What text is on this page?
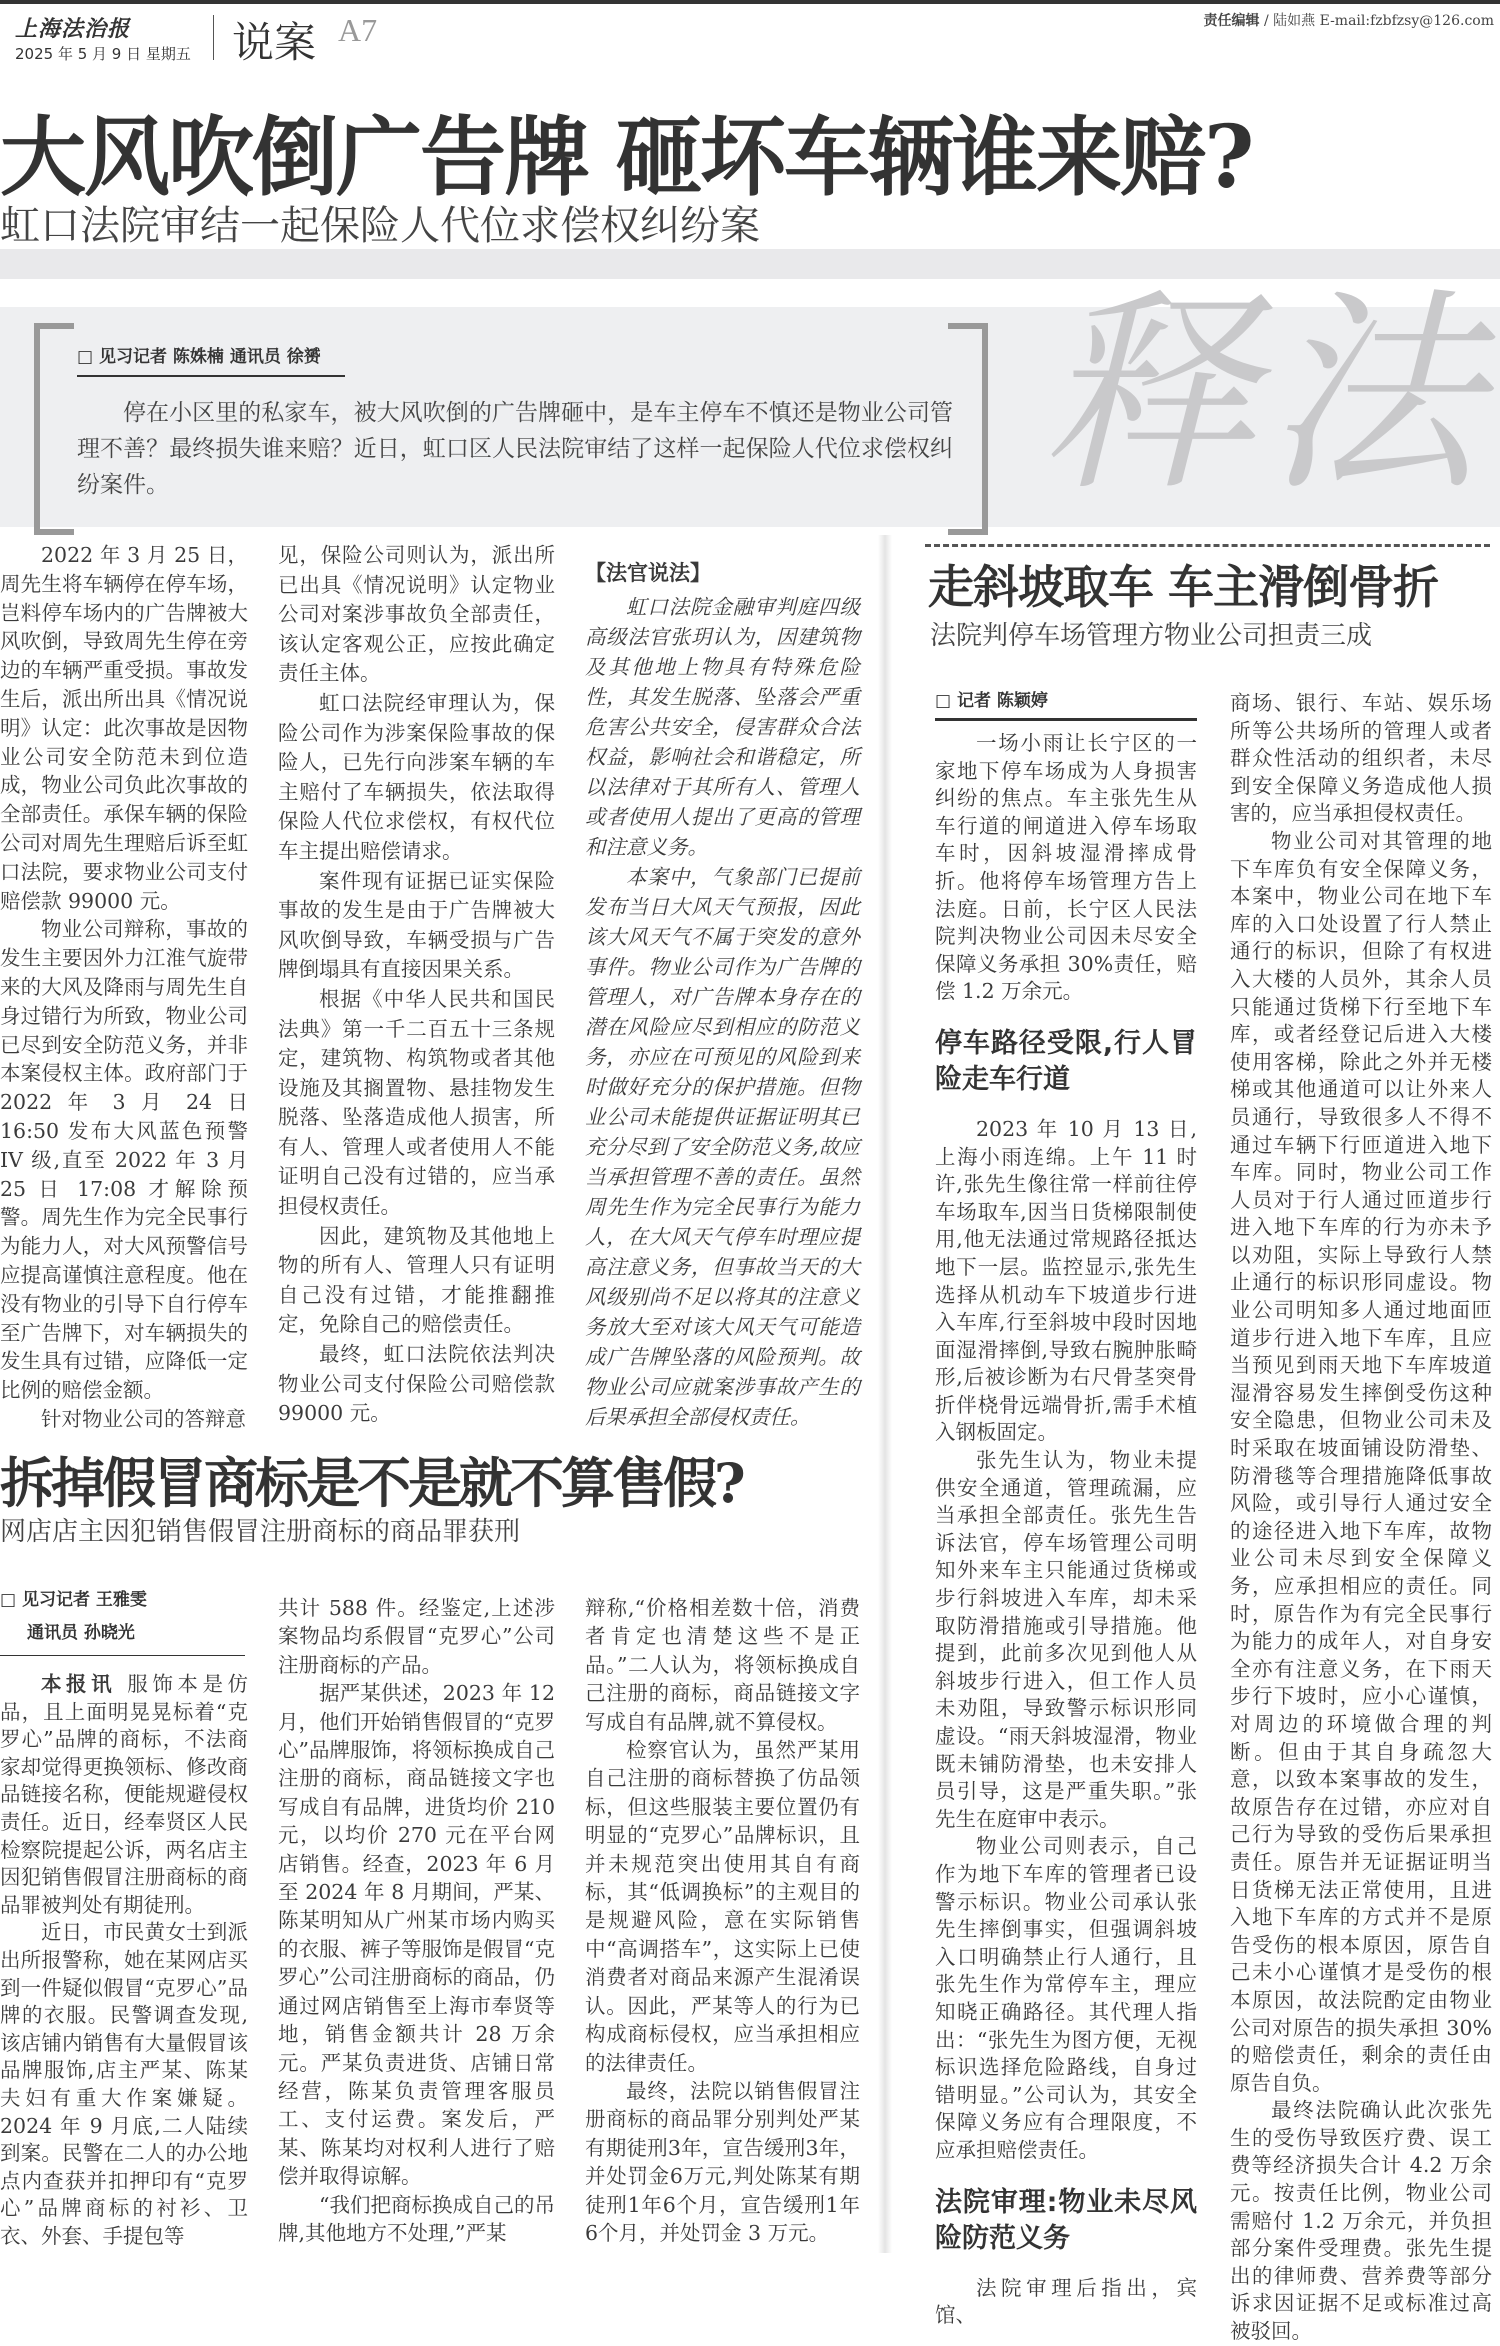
上海法治报
2025 年 5 月 9 日 星期五 说案 A7	责任编辑 / 陆如燕 E-mail:fzbfzsy@126.com
大风吹倒广告牌 砸坏车辆谁来赔?
虹口法院审结一起保险人代位求偿权纠纷案
释法
□ 见习记者 陈姝楠 通讯员 徐赟
停在小区里的私家车，被大风吹倒的广告牌砸中，是车主停车不慎还是物业公司管理不善？最终损失谁来赔？近日，虹口区人民法院审结了这样一起保险人代位求偿权纠纷案件。

2022 年 3 月 25 日，周先生将车辆停在停车场，岂料停车场内的广告牌被大风吹倒，导致周先生停在旁边的车辆严重受损。事故发生后，派出所出具《情况说明》认定：此次事故是因物业公司安全防范未到位造成，物业公司负此次事故的全部责任。承保车辆的保险公司对周先生理赔后诉至虹口法院，要求物业公司支付赔偿款 99000 元。

物业公司辩称，事故的发生主要因外力江淮气旋带来的大风及降雨与周先生自身过错行为所致，物业公司已尽到安全防范义务，并非本案侵权主体。政府部门于 2022 年 3 月 24 日 16:50 发布大风蓝色预警 IV 级,直至 2022 年 3 月 25 日 17:08 才解除预警。周先生作为完全民事行为能力人，对大风预警信号应提高谨慎注意程度。他在没有物业的引导下自行停车至广告牌下，对车辆损失的发生具有过错，应降低一定比例的赔偿金额。

针对物业公司的答辩意

见，保险公司则认为，派出所已出具《情况说明》认定物业公司对案涉事故负全部责任，该认定客观公正，应按此确定责任主体。

虹口法院经审理认为，保险公司作为涉案保险事故的保险人，已先行向涉案车辆的车主赔付了车辆损失，依法取得保险人代位求偿权，有权代位车主提出赔偿请求。

案件现有证据已证实保险事故的发生是由于广告牌被大风吹倒导致，车辆受损与广告牌倒塌具有直接因果关系。

根据《中华人民共和国民法典》第一千二百五十三条规定，建筑物、构筑物或者其他设施及其搁置物、悬挂物发生脱落、坠落造成他人损害，所有人、管理人或者使用人不能证明自己没有过错的，应当承担侵权责任。

因此，建筑物及其他地上物的所有人、管理人只有证明自己没有过错，才能推翻推定，免除自己的赔偿责任。

最终，虹口法院依法判决物业公司支付保险公司赔偿款 99000 元。

【法官说法】

虹口法院金融审判庭四级高级法官张玥认为，因建筑物及其他地上物具有特殊危险性，其发生脱落、坠落会严重危害公共安全，侵害群众合法权益，影响社会和谐稳定，所以法律对于其所有人、管理人或者使用人提出了更高的管理和注意义务。

本案中，气象部门已提前发布当日大风天气预报，因此该大风天气不属于突发的意外事件。物业公司作为广告牌的管理人，对广告牌本身存在的潜在风险应尽到相应的防范义务，亦应在可预见的风险到来时做好充分的保护措施。但物业公司未能提供证据证明其已充分尽到了安全防范义务,故应当承担管理不善的责任。虽然周先生作为完全民事行为能力人，在大风天气停车时理应提高注意义务，但事故当天的大风级别尚不足以将其的注意义务放大至对该大风天气可能造成广告牌坠落的风险预判。故物业公司应就案涉事故产生的后果承担全部侵权责任。

走斜坡取车 车主滑倒骨折
法院判停车场管理方物业公司担责三成
□ 记者 陈颖婷

一场小雨让长宁区的一家地下停车场成为人身损害纠纷的焦点。车主张先生从车行道的闸道进入停车场取车时，因斜坡湿滑摔成骨折。他将停车场管理方告上法庭。日前，长宁区人民法院判决物业公司因未尽安全保障义务承担 30%责任，赔偿 1.2 万余元。

停车路径受限,行人冒险走车行道

2023 年 10 月 13 日,上海小雨连绵。上午 11 时许,张先生像往常一样前往停车场取车,因当日货梯限制使用,他无法通过常规路径抵达地下一层。监控显示,张先生选择从机动车下坡道步行进入车库,行至斜坡中段时因地面湿滑摔倒,导致右腕肿胀畸形,后被诊断为右尺骨茎突骨折伴桡骨远端骨折,需手术植入钢板固定。

张先生认为，物业未提供安全通道，管理疏漏，应当承担全部责任。张先生告诉法官，停车场管理公司明知外来车主只能通过货梯或步行斜坡进入车库，却未采取防滑措施或引导措施。他提到，此前多次见到他人从斜坡步行进入，但工作人员未劝阻，导致警示标识形同虚设。“雨天斜坡湿滑，物业既未铺防滑垫，也未安排人员引导，这是严重失职。”张先生在庭审中表示。

物业公司则表示，自己作为地下车库的管理者已设警示标识。物业公司承认张先生摔倒事实，但强调斜坡入口明确禁止行人通行，且张先生作为常停车主，理应知晓正确路径。其代理人指出：“张先生为图方便，无视标识选择危险路线，自身过错明显。”公司认为，其安全保障义务应有合理限度，不应承担赔偿责任。

法院审理:物业未尽风险防范义务

法院审理后指出，宾馆、

商场、银行、车站、娱乐场所等公共场所的管理人或者群众性活动的组织者，未尽到安全保障义务造成他人损害的，应当承担侵权责任。

物业公司对其管理的地下车库负有安全保障义务，本案中，物业公司在地下车库的入口处设置了行人禁止通行的标识，但除了有权进入大楼的人员外，其余人员只能通过货梯下行至地下车库，或者经登记后进入大楼使用客梯，除此之外并无楼梯或其他通道可以让外来人员通行，导致很多人不得不通过车辆下行匝道进入地下车库。同时，物业公司工作人员对于行人通过匝道步行进入地下车库的行为亦未予以劝阻，实际上导致行人禁止通行的标识形同虚设。物业公司明知多人通过地面匝道步行进入地下车库，且应当预见到雨天地下车库坡道湿滑容易发生摔倒受伤这种安全隐患，但物业公司未及时采取在坡面铺设防滑垫、防滑毯等合理措施降低事故风险，或引导行人通过安全的途径进入地下车库，故物业公司未尽到安全保障义务，应承担相应的责任。同时，原告作为有完全民事行为能力的成年人，对自身安全亦有注意义务，在下雨天步行下坡时，应小心谨慎，对周边的环境做合理的判断。但由于其自身疏忽大意，以致本案事故的发生，故原告存在过错，亦应对自己行为导致的受伤后果承担责任。原告并无证据证明当日货梯无法正常使用，且进入地下车库的方式并不是原告受伤的根本原因，原告自己未小心谨慎才是受伤的根本原因，故法院酌定由物业公司对原告的损失承担 30%的赔偿责任，剩余的责任由原告自负。

最终法院确认此次张先生的受伤导致医疗费、误工费等经济损失合计 4.2 万余元。按责任比例，物业公司需赔付 1.2 万余元，并负担部分案件受理费。张先生提出的律师费、营养费等部分诉求因证据不足或标准过高被驳回。

拆掉假冒商标是不是就不算售假?
网店店主因犯销售假冒注册商标的商品罪获刑
□ 见习记者 王雅雯
通讯员 孙晓光

本报讯 服饰本是仿品，且上面明晃晃标着“克罗心”品牌的商标，不法商家却觉得更换领标、修改商品链接名称，便能规避侵权责任。近日，经奉贤区人民检察院提起公诉，两名店主因犯销售假冒注册商标的商品罪被判处有期徒刑。

近日，市民黄女士到派出所报警称，她在某网店买到一件疑似假冒“克罗心”品牌的衣服。民警调查发现,该店铺内销售有大量假冒该品牌服饰,店主严某、陈某夫妇有重大作案嫌疑。2024 年 9 月底,二人陆续到案。民警在二人的办公地点内查获并扣押印有“克罗心”品牌商标的衬衫、卫衣、外套、手提包等

共计 588 件。经鉴定,上述涉案物品均系假冒“克罗心”公司注册商标的产品。

据严某供述，2023 年 12 月，他们开始销售假冒的“克罗心”品牌服饰，将领标换成自己注册的商标，商品链接文字也写成自有品牌，进货均价 210 元，以均价 270 元在平台网店销售。经查，2023 年 6 月至 2024 年 8 月期间，严某、陈某明知从广州某市场内购买的衣服、裤子等服饰是假冒“克罗心”公司注册商标的商品，仍通过网店销售至上海市奉贤等地，销售金额共计 28 万余元。严某负责进货、店铺日常经营，陈某负责管理客服员工、支付运费。案发后，严某、陈某均对权利人进行了赔偿并取得谅解。

“我们把商标换成自己的吊牌,其他地方不处理,”严某

辩称,“价格相差数十倍，消费者肯定也清楚这些不是正品。”二人认为，将领标换成自己注册的商标，商品链接文字写成自有品牌,就不算侵权。

检察官认为，虽然严某用自己注册的商标替换了仿品领标，但这些服装主要位置仍有明显的“克罗心”品牌标识，且并未规范突出使用其自有商标，其“低调换标”的主观目的是规避风险，意在实际销售中“高调搭车”，这实际上已使消费者对商品来源产生混淆误认。因此，严某等人的行为已构成商标侵权，应当承担相应的法律责任。

最终，法院以销售假冒注册商标的商品罪分别判处严某有期徒刑3年，宣告缓刑3年，并处罚金6万元,判处陈某有期徒刑1年6个月，宣告缓刑1年6个月，并处罚金 3 万元。
